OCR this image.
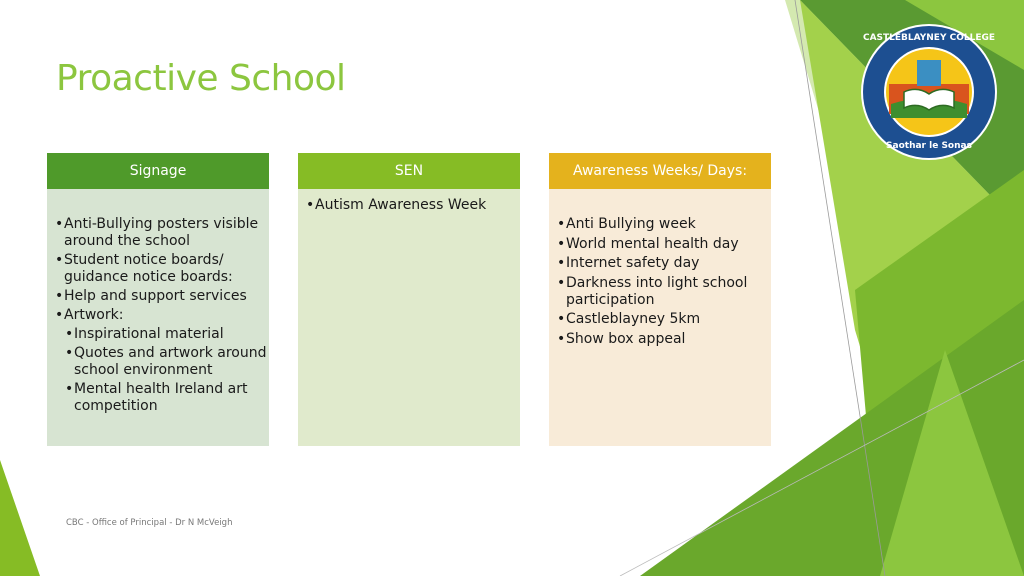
Proactive School
CASTLEBLAYNEY COLLEGE
Saothar le Sonas
Signage
• Anti-Bullying posters visible around the school
• Student notice boards/ guidance notice boards:
• Help and support services
• Artwork:
• Inspirational material
• Quotes and artwork around school environment
• Mental health Ireland art competition
SEN
• Autism Awareness Week
Awareness Weeks/ Days:
• Anti Bullying week
• World mental health day
• Internet safety day
• Darkness into light school participation
• Castleblayney 5km
• Show box appeal
CBC - Office of Principal - Dr N McVeigh
